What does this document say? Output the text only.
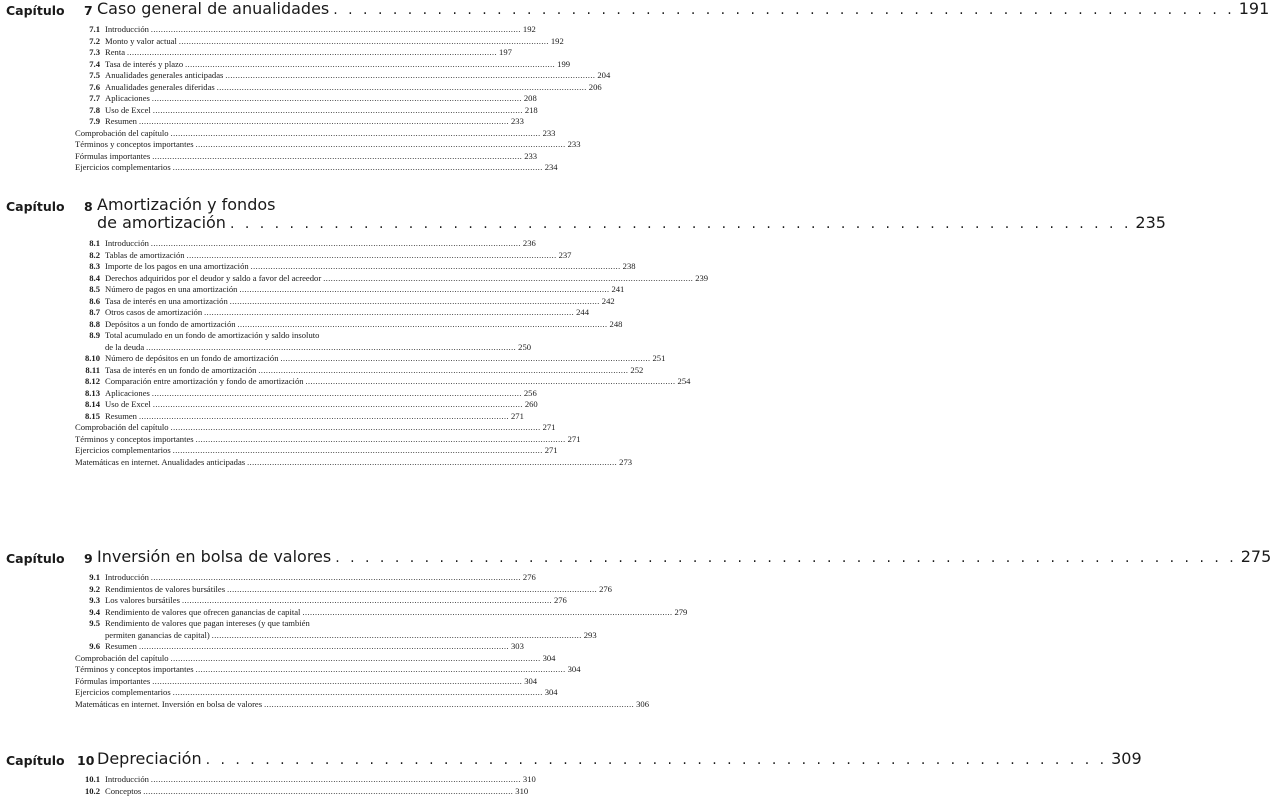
Capítulo 7 Caso general de anualidades . . . . . . . . . . . . . . . . . . . . . . . . . . . . . . . . . . . . . . . . . . . . . . . . . . . . . . . . . . . . . 191
7.1 Introducción .................................................................................................................................................... 192
7.2 Monto y valor actual .................................................................................................................................................... 192
7.3 Renta .................................................................................................................................................... 197
7.4 Tasa de interés y plazo .................................................................................................................................................... 199
7.5 Anualidades generales anticipadas .................................................................................................................................................... 204
7.6 Anualidades generales diferidas .................................................................................................................................................... 206
7.7 Aplicaciones .................................................................................................................................................... 208
7.8 Uso de Excel .................................................................................................................................................... 218
7.9 Resumen .................................................................................................................................................... 233
Comprobación del capítulo .................................................................................................................................................... 233
Términos y conceptos importantes .................................................................................................................................................... 233
Fórmulas importantes .................................................................................................................................................... 233
Ejercicios complementarios .................................................................................................................................................... 234
Capítulo 8 Amortización y fondos
de amortización . . . . . . . . . . . . . . . . . . . . . . . . . . . . . . . . . . . . . . . . . . . . . . . . . . . . . . . . . . . . . 235
8.1 Introducción .................................................................................................................................................... 236
8.2 Tablas de amortización .................................................................................................................................................... 237
8.3 Importe de los pagos en una amortización .................................................................................................................................................... 238
8.4 Derechos adquiridos por el deudor y saldo a favor del acreedor .................................................................................................................................................... 239
8.5 Número de pagos en una amortización .................................................................................................................................................... 241
8.6 Tasa de interés en una amortización .................................................................................................................................................... 242
8.7 Otros casos de amortización .................................................................................................................................................... 244
8.8 Depósitos a un fondo de amortización .................................................................................................................................................... 248
8.9 Total acumulado en un fondo de amortización y saldo insoluto
de la deuda .................................................................................................................................................... 250
8.10 Número de depósitos en un fondo de amortización .................................................................................................................................................... 251
8.11 Tasa de interés en un fondo de amortización .................................................................................................................................................... 252
8.12 Comparación entre amortización y fondo de amortización .................................................................................................................................................... 254
8.13 Aplicaciones .................................................................................................................................................... 256
8.14 Uso de Excel .................................................................................................................................................... 260
8.15 Resumen .................................................................................................................................................... 271
Comprobación del capítulo .................................................................................................................................................... 271
Términos y conceptos importantes .................................................................................................................................................... 271
Ejercicios complementarios .................................................................................................................................................... 271
Matemáticas en internet. Anualidades anticipadas .................................................................................................................................................... 273
Capítulo 9 Inversión en bolsa de valores . . . . . . . . . . . . . . . . . . . . . . . . . . . . . . . . . . . . . . . . . . . . . . . . . . . . . . . . . . . . . 275
9.1 Introducción .................................................................................................................................................... 276
9.2 Rendimientos de valores bursátiles .................................................................................................................................................... 276
9.3 Los valores bursátiles .................................................................................................................................................... 276
9.4 Rendimiento de valores que ofrecen ganancias de capital .................................................................................................................................................... 279
9.5 Rendimiento de valores que pagan intereses (y que también
permiten ganancias de capital) .................................................................................................................................................... 293
9.6 Resumen .................................................................................................................................................... 303
Comprobación del capítulo .................................................................................................................................................... 304
Términos y conceptos importantes .................................................................................................................................................... 304
Fórmulas importantes .................................................................................................................................................... 304
Ejercicios complementarios .................................................................................................................................................... 304
Matemáticas en internet. Inversión en bolsa de valores .................................................................................................................................................... 306
Capítulo 10 Depreciación . . . . . . . . . . . . . . . . . . . . . . . . . . . . . . . . . . . . . . . . . . . . . . . . . . . . . . . . . . . . . 309
10.1 Introducción .................................................................................................................................................... 310
10.2 Conceptos .................................................................................................................................................... 310
